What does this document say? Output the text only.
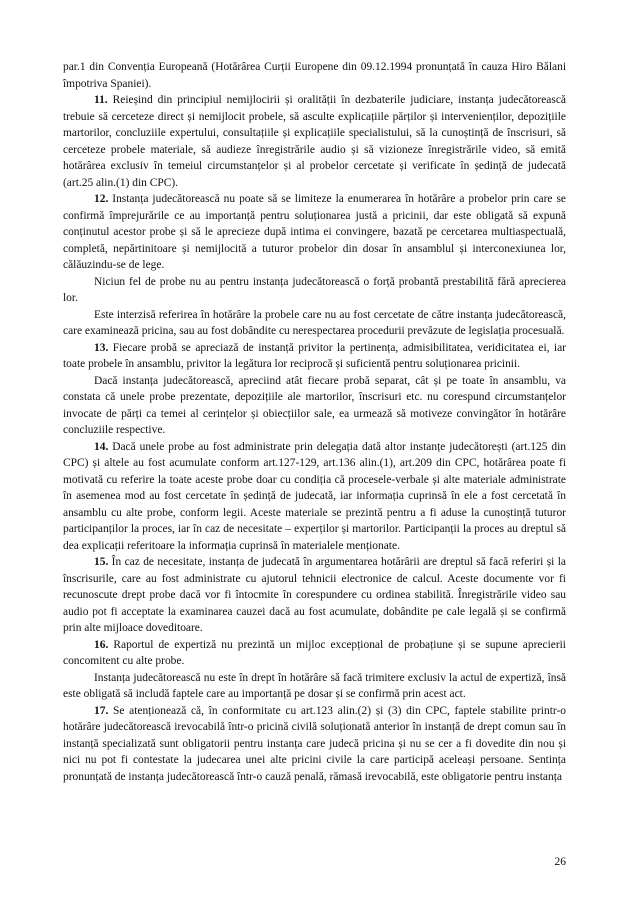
par.1 din Convenția Europeană (Hotărârea Curții Europene din 09.12.1994 pronunțată în cauza Hiro Bălani împotriva Spaniei).

11. Reieșind din principiul nemijlocirii și oralității în dezbaterile judiciare, instanța judecătorească trebuie să cerceteze direct și nemijlocit probele, să asculte explicațiile părților și intervenienților, depozițiile martorilor, concluziile expertului, consultațiile și explicațiile specialistului, să la cunoștință de înscrisuri, să cerceteze probele materiale, să audieze înregistrările audio și să vizioneze înregistrările video, să emită hotărârea exclusiv în temeiul circumstanțelor și al probelor cercetate și verificate în ședință de judecată (art.25 alin.(1) din CPC).

12. Instanța judecătorească nu poate să se limiteze la enumerarea în hotărâre a probelor prin care se confirmă împrejurările ce au importanță pentru soluționarea justă a pricinii, dar este obligată să expună conținutul acestor probe și să le aprecieze după intima ei convingere, bazată pe cercetarea multiaspectuală, completă, nepărtinitoare și nemijlocită a tuturor probelor din dosar în ansamblul și interconexiunea lor, călăuzindu-se de lege.

Niciun fel de probe nu au pentru instanța judecătorească o forță probantă prestabilită fără aprecierea lor.

Este interzisă referirea în hotărâre la probele care nu au fost cercetate de către instanța judecătorească, care examinează pricina, sau au fost dobândite cu nerespectarea procedurii prevăzute de legislația procesuală.

13. Fiecare probă se apreciază de instanță privitor la pertinența, admisibilitatea, veridicitatea ei, iar toate probele în ansamblu, privitor la legătura lor reciprocă și suficientă pentru soluționarea pricinii.

Dacă instanța judecătorească, apreciind atât fiecare probă separat, cât și pe toate în ansamblu, va constata că unele probe prezentate, depozițiile ale martorilor, înscrisuri etc. nu corespund circumstanțelor invocate de părți ca temei al cerințelor și obiecțiilor sale, ea urmează să motiveze convingător în hotărâre concluziile respective.

14. Dacă unele probe au fost administrate prin delegația dată altor instanțe judecătorești (art.125 din CPC) și altele au fost acumulate conform art.127-129, art.136 alin.(1), art.209 din CPC, hotărârea poate fi motivată cu referire la toate aceste probe doar cu condiția că procesele-verbale și alte materiale administrate în asemenea mod au fost cercetate în ședință de judecată, iar informația cuprinsă în ele a fost cercetată în ansamblu cu alte probe, conform legii. Aceste materiale se prezintă pentru a fi aduse la cunoștință tuturor participanților la proces, iar în caz de necesitate – experților și martorilor. Participanții la proces au dreptul să dea explicații referitoare la informația cuprinsă în materialele menționate.

15. În caz de necesitate, instanța de judecată în argumentarea hotărârii are dreptul să facă referiri și la înscrisurile, care au fost administrate cu ajutorul tehnicii electronice de calcul. Aceste documente vor fi recunoscute drept probe dacă vor fi întocmite în corespundere cu ordinea stabilită. Înregistrările video sau audio pot fi acceptate la examinarea cauzei dacă au fost acumulate, dobândite pe cale legală și se confirmă prin alte mijloace doveditoare.

16. Raportul de expertiză nu prezintă un mijloc excepțional de probațiune și se supune aprecierii concomitent cu alte probe.

Instanța judecătorească nu este în drept în hotărâre să facă trimitere exclusiv la actul de expertiză, însă este obligată să includă faptele care au importanță pe dosar și se confirmă prin acest act.

17. Se atenționează că, în conformitate cu art.123 alin.(2) și (3) din CPC, faptele stabilite printr-o hotărâre judecătorească irevocabilă într-o pricină civilă soluționată anterior în instanță de drept comun sau în instanță specializată sunt obligatorii pentru instanța care judecă pricina și nu se cer a fi dovedite din nou și nici nu pot fi contestate la judecarea unei alte pricini civile la care participă aceleași persoane. Sentința pronunțată de instanța judecătorească într-o cauză penală, rămasă irevocabilă, este obligatorie pentru instanța

26
